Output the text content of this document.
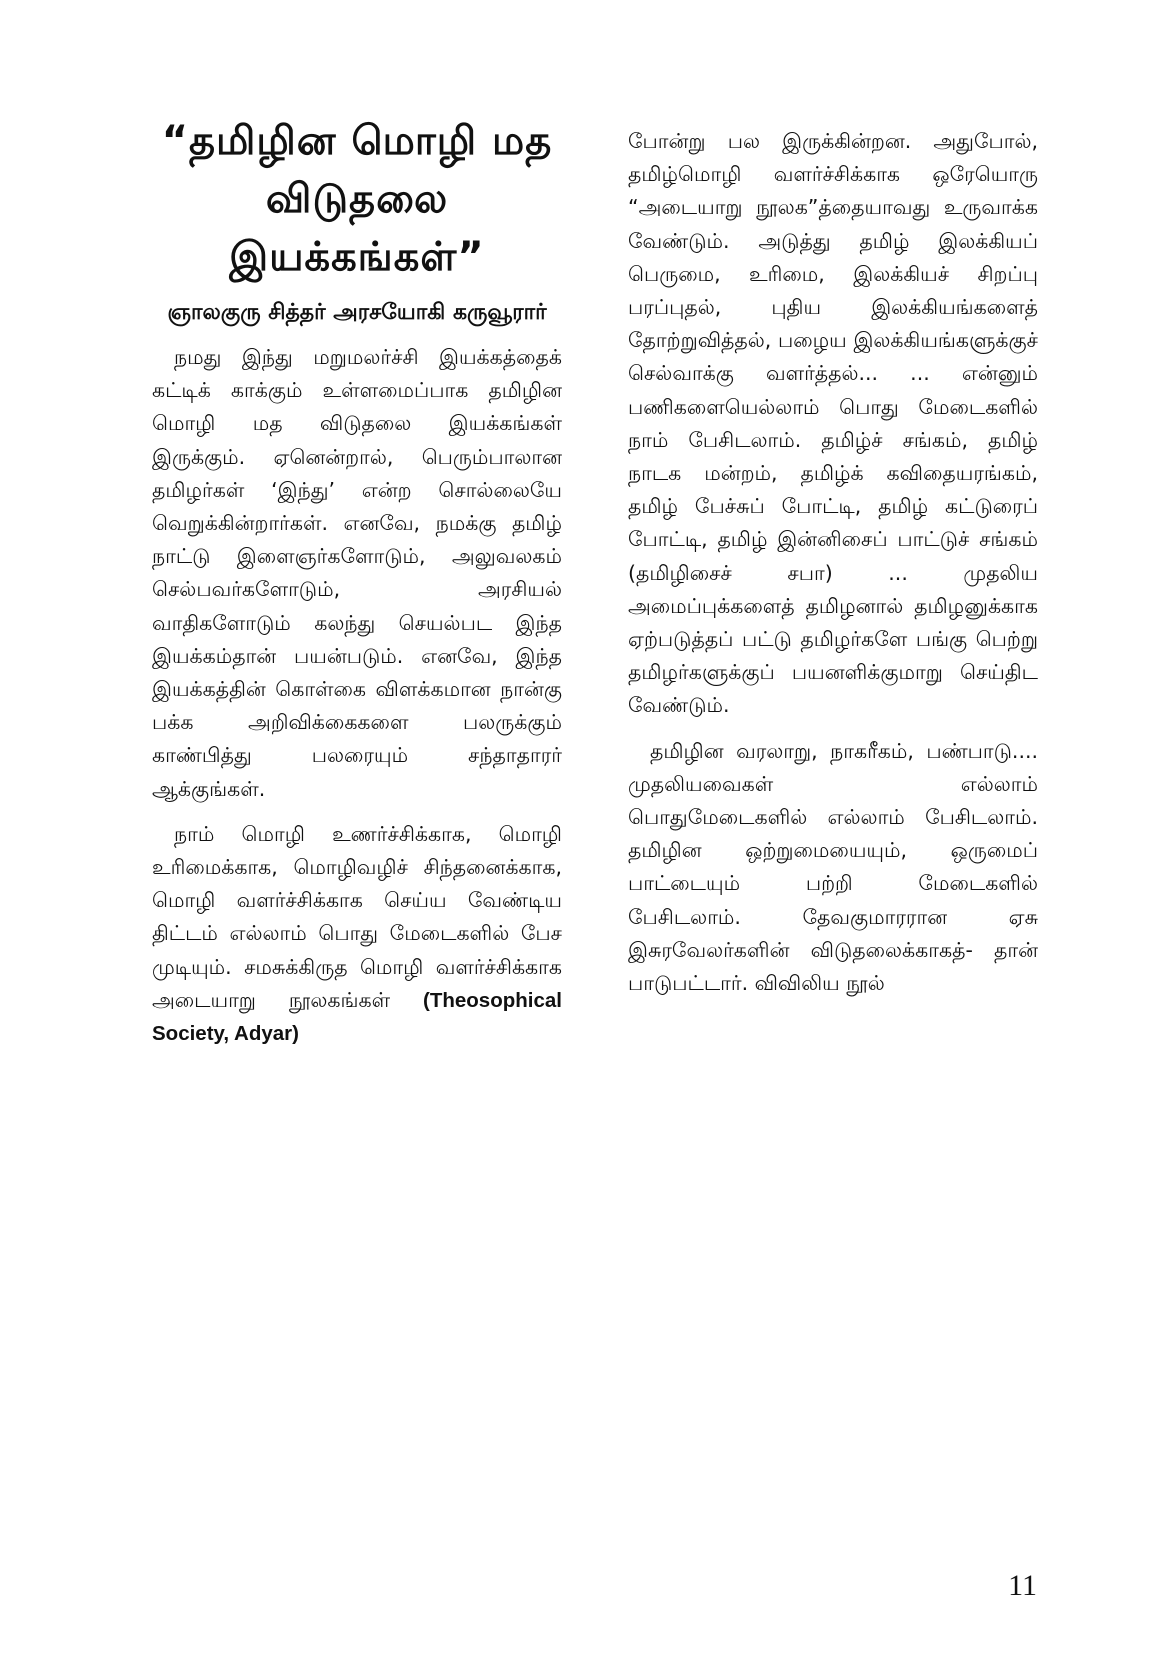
“தமிழின மொழி மத விடுதலை இயக்கங்கள்”
ஞாலகுரு சித்தர் அரசயோகி கருவூரார்

நமது இந்து மறுமலர்ச்சி இயக்கத்தைக் கட்டிக் காக்கும் உள்ளமைப்பாக தமிழின மொழி மத விடுதலை இயக்கங்கள் இருக்கும். ஏனென்றால், பெரும்பாலான தமிழர்கள் ‘இந்து’ என்ற சொல்லையே வெறுக்கின்றார்கள். எனவே, நமக்கு தமிழ் நாட்டு இளைஞர்களோடும், அலுவலகம் செல்பவர்களோடும், அரசியல் வாதிகளோடும் கலந்து செயல்பட இந்த இயக்கம்தான் பயன்படும். எனவே, இந்த இயக்கத்தின் கொள்கை விளக்கமான நான்கு பக்க அறிவிக்கைகளை பலருக்கும் காண்பித்து பலரையும் சந்தாதாரர் ஆக்குங்கள்.

நாம் மொழி உணர்ச்சிக்காக, மொழி உரிமைக்காக, மொழிவழிச் சிந்தனைக்காக, மொழி வளர்ச்சிக்காக செய்ய வேண்டிய திட்டம் எல்லாம் பொது மேடைகளில் பேச முடியும். சமசுக்கிருத மொழி வளர்ச்சிக்காக அடையாறு நூலகங்கள் (Theosophical Society, Adyar)

போன்று பல இருக்கின்றன. அதுபோல், தமிழ்மொழி வளர்ச்சிக்காக ஒரேயொரு “அடையாறு நூலக”த்தையாவது உருவாக்க வேண்டும். அடுத்து தமிழ் இலக்கியப் பெருமை, உரிமை, இலக்கியச் சிறப்பு பரப்புதல், புதிய இலக்கியங்களைத் தோற்றுவித்தல், பழைய இலக்கியங்களுக்குச் செல்வாக்கு வளர்த்தல்... ... என்னும் பணிகளையெல்லாம் பொது மேடைகளில் நாம் பேசிடலாம். தமிழ்ச் சங்கம், தமிழ் நாடக மன்றம், தமிழ்க் கவிதையரங்கம், தமிழ் பேச்சுப் போட்டி, தமிழ் கட்டுரைப் போட்டி, தமிழ் இன்னிசைப் பாட்டுச் சங்கம் (தமிழிசைச் சபா) ... முதலிய அமைப்புக்களைத் தமிழனால் தமிழனுக்காக ஏற்படுத்தப் பட்டு தமிழர்களே பங்கு பெற்று தமிழர்களுக்குப் பயனளிக்குமாறு செய்திட வேண்டும்.

தமிழின வரலாறு, நாகரீகம், பண்பாடு.... முதலியவைகள் எல்லாம் பொதுமேடைகளில் எல்லாம் பேசிடலாம். தமிழின ஒற்றுமையையும், ஒருமைப் பாட்டையும் பற்றி மேடைகளில் பேசிடலாம். தேவகுமாரரான ஏசு இசுரவேலர்களின் விடுதலைக்காகத்- தான் பாடுபட்டார். விவிலிய நூல்

11
